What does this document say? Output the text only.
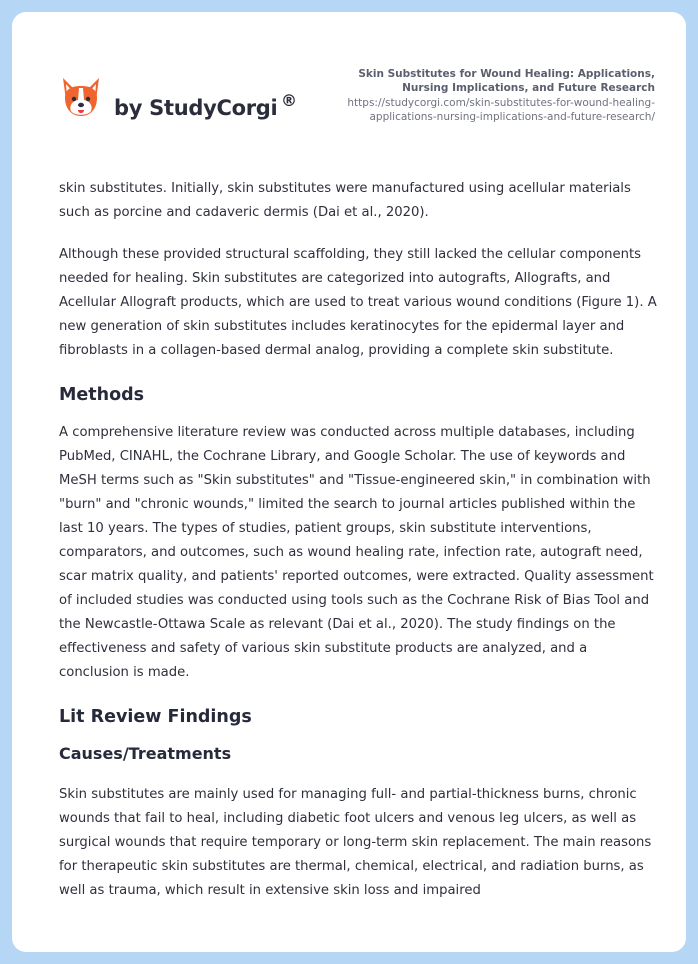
by StudyCorgi ®
Skin Substitutes for Wound Healing: Applications,
Nursing Implications, and Future Research
https://studycorgi.com/skin-substitutes-for-wound-healing-
applications-nursing-implications-and-future-research/

skin substitutes. Initially, skin substitutes were manufactured using acellular materials such as porcine and cadaveric dermis (Dai et al., 2020).

Although these provided structural scaffolding, they still lacked the cellular components needed for healing. Skin substitutes are categorized into autografts, Allografts, and Acellular Allograft products, which are used to treat various wound conditions (Figure 1). A new generation of skin substitutes includes keratinocytes for the epidermal layer and fibroblasts in a collagen-based dermal analog, providing a complete skin substitute.

Methods

A comprehensive literature review was conducted across multiple databases, including PubMed, CINAHL, the Cochrane Library, and Google Scholar. The use of keywords and MeSH terms such as "Skin substitutes" and "Tissue-engineered skin," in combination with "burn" and "chronic wounds," limited the search to journal articles published within the last 10 years. The types of studies, patient groups, skin substitute interventions, comparators, and outcomes, such as wound healing rate, infection rate, autograft need, scar matrix quality, and patients' reported outcomes, were extracted. Quality assessment of included studies was conducted using tools such as the Cochrane Risk of Bias Tool and the Newcastle-Ottawa Scale as relevant (Dai et al., 2020). The study findings on the effectiveness and safety of various skin substitute products are analyzed, and a conclusion is made.

Lit Review Findings
Causes/Treatments

Skin substitutes are mainly used for managing full- and partial-thickness burns, chronic wounds that fail to heal, including diabetic foot ulcers and venous leg ulcers, as well as surgical wounds that require temporary or long-term skin replacement. The main reasons for therapeutic skin substitutes are thermal, chemical, electrical, and radiation burns, as well as trauma, which result in extensive skin loss and impaired
